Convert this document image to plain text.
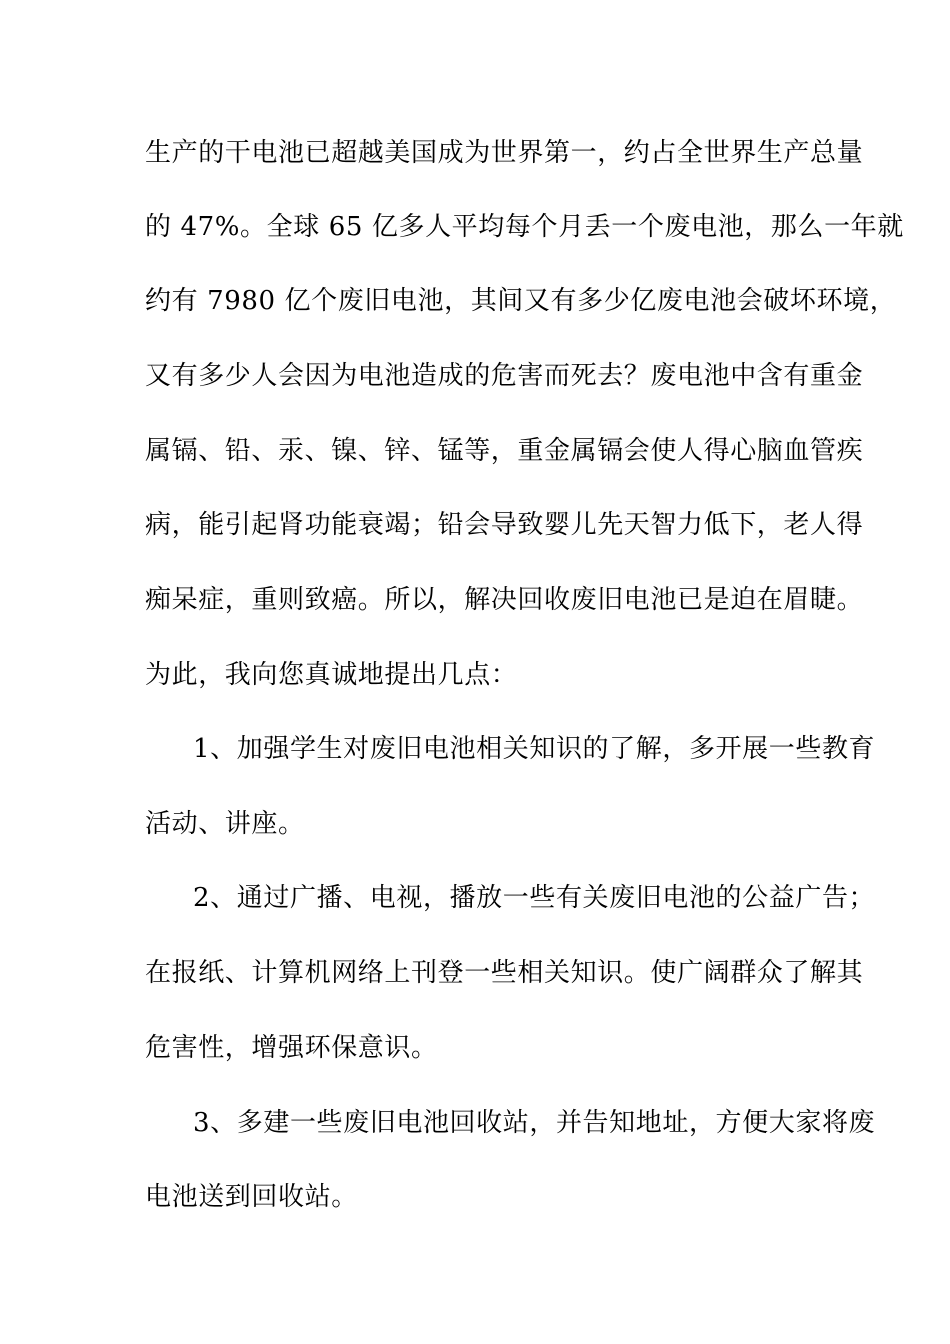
生产的干电池已超越美国成为世界第一，约占全世界生产总量
的 47%。全球 65 亿多人平均每个月丢一个废电池，那么一年就
约有 7980 亿个废旧电池，其间又有多少亿废电池会破坏环境，
又有多少人会因为电池造成的危害而死去？废电池中含有重金
属镉、铅、汞、镍、锌、锰等，重金属镉会使人得心脑血管疾
病，能引起肾功能衰竭；铅会导致婴儿先天智力低下，老人得
痴呆症，重则致癌。所以，解决回收废旧电池已是迫在眉睫。
为此，我向您真诚地提出几点：
1、加强学生对废旧电池相关知识的了解，多开展一些教育
活动、讲座。
2、通过广播、电视，播放一些有关废旧电池的公益广告；
在报纸、计算机网络上刊登一些相关知识。使广阔群众了解其
危害性，增强环保意识。
3、多建一些废旧电池回收站，并告知地址，方便大家将废
电池送到回收站。
